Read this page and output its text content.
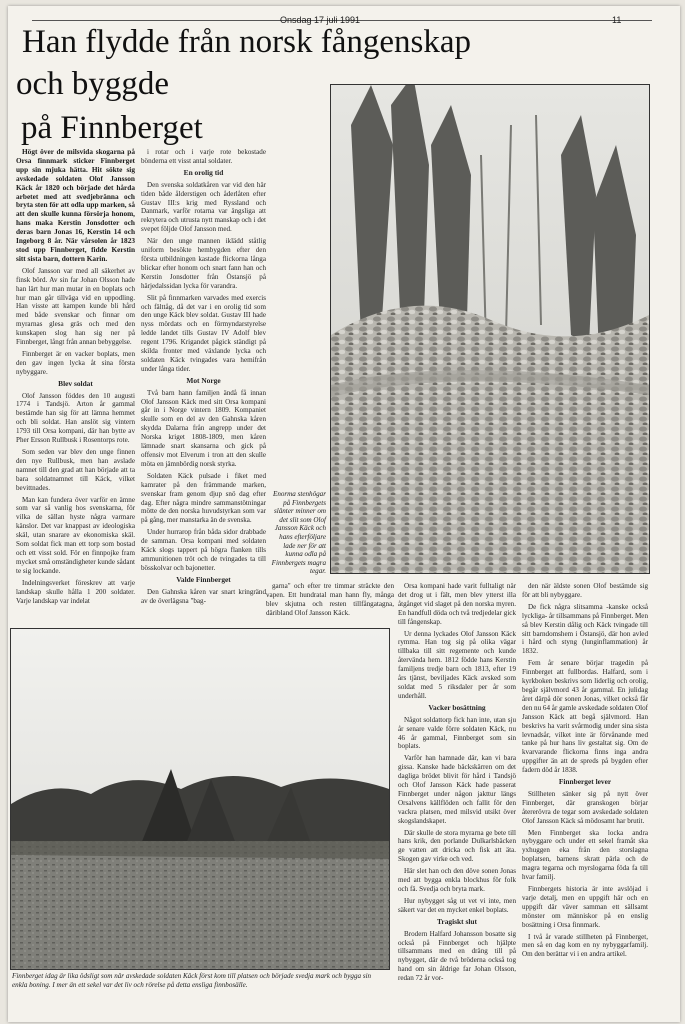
Onsdag 17 juli 1991	11
Han flydde från norsk fångenskap
och byggde
på Finnberget

Högt över de milsvida skogarna på Orsa finnmark sticker Finnberget upp sin mjuka hätta. Hit sökte sig avskedade soldaten Olof Jansson Käck år 1820 och började det hårda arbetet med att svedjebränna och bryta sten för att odla upp marken, så att den skulle kunna försörja honom, hans maka Kerstin Jonsdotter och deras barn Jonas 16, Kerstin 14 och Ingeborg 8 år. När vårsolen år 1823 stod upp Finnberget, fidde Kerstin sitt sista barn, dottern Karin.

Olof Jansson var med all säkerhet av finsk börd. Av sin far Johan Olsson hade han lärt hur man mutar in en boplats och hur man går tillväga vid en uppodling. Han visste att kampen kunde bli hård med både svenskar och finnar om myrarnas glesa gräs och med den kunskapen slog han sig ner på Finnberget, långt från annan bebyggelse.

Finnberget är en vacker boplats, men den gav ingen lycka åt sina första nybyggare.

Blev soldat

Olof Jansson föddes den 10 augusti 1774 i Tandsjö. Arton år gammal bestämde han sig för att lämna hemmet och bli soldat. Han anslöt sig vintern 1793 till Orsa kompani, där han bytte av Pher Ersson Rullbusk i Rosentorps rote.

Som seden var blev den unge finnen den nye Rullbusk, men han avslade namnet till den grad att han började att ta bara soldatnamnet till Käck, vilket bevittnades.

Man kan fundera över varför en ämne som var så vanlig hos svenskarna, för vilka de sällan hyste några varmare känslor. Det var knappast av ideologiska skäl, utan snarare av ekonomiska skäl. Som soldat fick man ett torp som bostad och ett visst sold. För en finnpojke fram mycket små omständigheter kunde sådant te sig lockande.

Indelningsverket föreskrev att varje landskap skulle hålla 1 200 soldater. Varje landskap var indelat

i rotar och i varje rote bekostade bönderna ett visst antal soldater.

En orolig tid

Den svenska soldatkåren var vid den här tiden både ålderstigen och åderlåten efter Gustav III:s krig med Ryssland och Danmark, varför rotarna var ängsliga att rekrytera och utrusta nytt manskap och i det svepet följde Olof Jansson med.

När den unge mannen iklädd ståtlig uniform besökte hembygden efter den första utbildningen kastade flickorna långa blickar efter honom och snart fann han och Kerstin Jonsdotter från Östansjö på härjedalssidan lycka för varandra.

Slit på finnmarken varvades med exercis och fälttåg, då det var i en orolig tid som den unge Käck blev soldat. Gustav III hade nyss mördats och en förmyndarstyrelse ledde landet tills Gustav IV Adolf blev regent 1796. Krigandet pågick ständigt på skilda fronter med växlande lycka och soldaten Käck tvingades vara hemifrån under långa tider.

Mot Norge

Två barn hann familjen ändå få innan Olof Jansson Käck med sitt Orsa kompani går in i Norge vintern 1809. Kompaniet skulle som en del av den Gahnska kåren skydda Dalarna från angrepp under det Norska kriget 1808-1809, men kåren lämnade snart skansarna och gick på offensiv mot Elverum i tron att den skulle möta en jämnbördig norsk styrka.

Soldaten Käck pulsade i fiket med kamrater på den främmande marken, svenskar fram genom djup snö dag efter dag. Efter några mindre sammanstötningar mötte de den norska huvudstyrkan som var på gång, mer manstarka än de svenska.

Under hurrarop från båda sidor drabbade de samman. Orsa kompani med soldaten Käck slogs tappert på högra flanken tills ammunitionen tröt och de tvingades ta till bösskolvar och bajonetter.

Valde Finnberget

Den Gahnska kåren var snart kringränd av de överlägsna "bag-

Enorma stenhögar på Finnbergets slänter minner om det slit som Olof Jansson Käck och hans efterföljare lade ner för att kunna odla på Finnbergets magra tegar.

garna" och efter tre timmar sträckte den vapen. Ett hundratal man hann fly, många blev skjutna och resten tillfångatagna, däribland Olof Jansson Käck.

Orsa kompani hade varit fulltaligt när det drog ut i fält, men blev ytterst illa åtgånget vid slaget på den norska myren. En handfull döda och två tredjedelar gick till fångenskap.

Ur denna lyckades Olof Jansson Käck rymma. Han tog sig på olika vägar tillbaka till sitt regemente och kunde återvända hem. 1812 födde hans Kerstin familjens tredje barn och 1813, efter 19 års tjänst, beviljades Käck avsked som soldat med 5 riksdaler per år som underhåll.

Vacker bosättning

Något soldattorp fick han inte, utan sju år senare valde förre soldaten Käck, nu 46 år gammal, Finnberget som sin boplats.

Varför han hamnade där, kan vi bara gissa. Kanske hade bäckskärren om det dagliga brödet blivit för hård i Tandsjö och Olof Jansson Käck hade passerat Finnberget under någon jakttur längs Orsalvens källflöden och fallit för den vackra platsen, med milsvid utsikt över skogslandskapet.

Där skulle de stora myrarna ge bete till hans krik, den porlande Dulkarlsbäcken ge vatten att dricka och fisk att äta. Skogen gav virke och ved.

Här slet han och den döve sonen Jonas med att bygga enkla blockhus för folk och fä. Svedja och bryta mark.

Hur nybygget såg ut vet vi inte, men säkert var det en mycket enkel boplats.

Tragiskt slut

Brodern Halfard Johansson bosatte sig också på Finnberget och hjälpte tillsammans med en dräng till på nybygget, där de två bröderna också tog hand om sin åldrige far Johan Olsson, redan 72 år vor-

den när äldste sonen Olof bestämde sig för att bli nybyggare.

De fick några slitsamma -kanske också lyckliga- år tillsammans på Finnberget. Men så blev Kerstin dålig och Käck tvingade till sitt barndomshem i Östansjö, där hon avled i hård och styng (lunginflammation) år 1832.

Fem år senare börjar tragedin på Finnberget att fullbordas. Halfard, som i kyrkboken beskrivs som liderlig och orolig, begår självmord 43 år gammal. En julidag året därpå dör sonen Jonas, vilket också får den nu 64 år gamle avskedade soldaten Olof Jansson Käck att begå självmord. Han beskrivs ha varit svårmodig under sina sista levnadsår, vilket inte är förvånande med tanke på hur hans liv gestaltat sig. Om de kvarvarande flickorna finns inga andra uppgifter än att de spreds på bygden efter fadern död år 1838.

Finnberget lever

Stillheten sänker sig på nytt över Finnberget, där granskogen börjar återerövra de tegar som avskedade soldaten Olof Jansson Käck så mödosamt har brutit.

Men Finnberget ska locka andra nybyggare och under ett sekel framåt ska yxhuggen eka från den storslagna boplatsen, barnens skratt pärla och de magra tegarna och myrslogarna föda fa till hvar familj.

Finnbergets historia är inte avslöjad i varje detalj, men en uppgift här och en uppgift där väver samman ett sällsamt mönster om människor på en enslig bosättning i Orsa finnmark.

I två år varade stillheten på Finnberget, men så en dag kom en ny nybyggarfamilj. Om den berättar vi i en andra artikel.

Finnberget idag är lika ödsligt som när avskedade soldaten Käck först kom till platsen och började svedja mark och bygga sin enkla boning. I mer än ett sekel var det liv och rörelse på detta ensliga finnbosälle.
